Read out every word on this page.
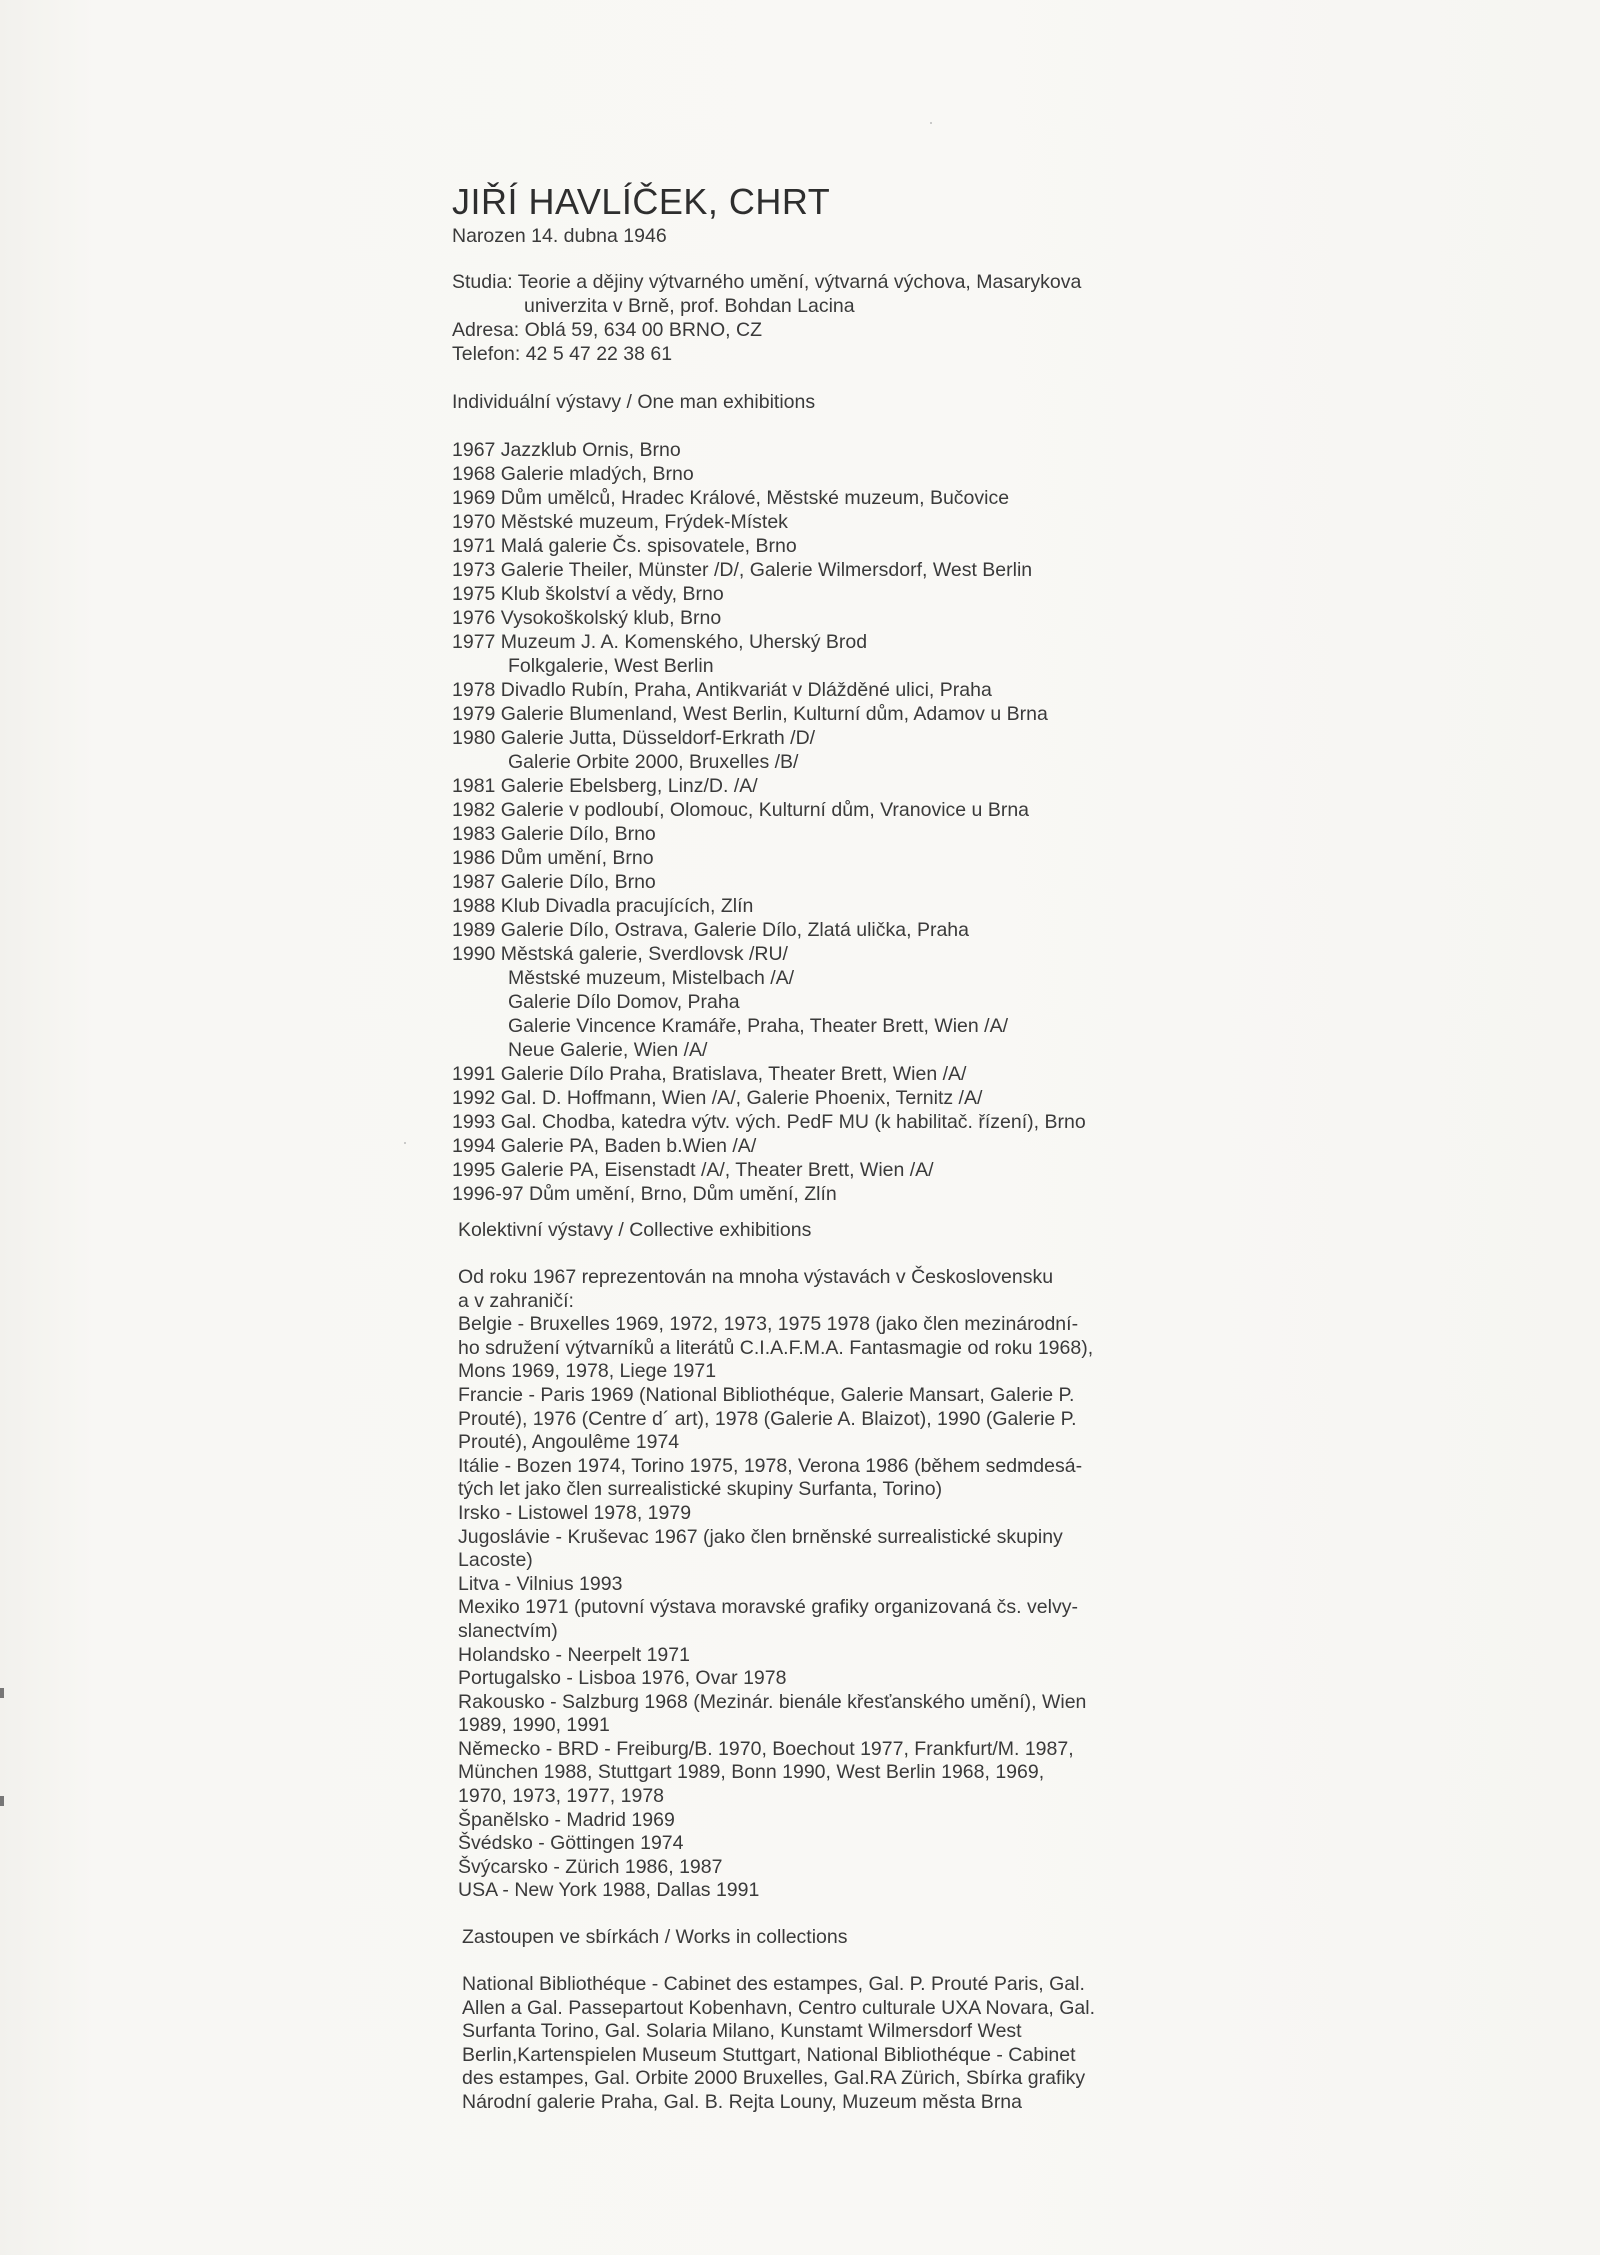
JIŘÍ HAVLÍČEK, CHRT
Narozen 14. dubna 1946
Studia: Teorie a dějiny výtvarného umění, výtvarná výchova, Masarykova
univerzita v Brně, prof. Bohdan Lacina
Adresa: Oblá 59, 634 00 BRNO, CZ
Telefon: 42 5 47 22 38 61
Individuální výstavy / One man exhibitions
1967 Jazzklub Ornis, Brno
1968 Galerie mladých, Brno
1969 Dům umělců, Hradec Králové, Městské muzeum, Bučovice
1970 Městské muzeum, Frýdek-Místek
1971 Malá galerie Čs. spisovatele, Brno
1973 Galerie Theiler, Münster /D/, Galerie Wilmersdorf, West Berlin
1975 Klub školství a vědy, Brno
1976 Vysokoškolský klub, Brno
1977 Muzeum J. A. Komenského, Uherský Brod
Folkgalerie, West Berlin
1978 Divadlo Rubín, Praha, Antikvariát v Dlážděné ulici, Praha
1979 Galerie Blumenland, West Berlin, Kulturní dům, Adamov u Brna
1980 Galerie Jutta, Düsseldorf-Erkrath /D/
Galerie Orbite 2000, Bruxelles /B/
1981 Galerie Ebelsberg, Linz/D. /A/
1982 Galerie v podloubí, Olomouc, Kulturní dům, Vranovice u Brna
1983 Galerie Dílo, Brno
1986 Dům umění, Brno
1987 Galerie Dílo, Brno
1988 Klub Divadla pracujících, Zlín
1989 Galerie Dílo, Ostrava, Galerie Dílo, Zlatá ulička, Praha
1990 Městská galerie, Sverdlovsk /RU/
Městské muzeum, Mistelbach /A/
Galerie Dílo Domov, Praha
Galerie Vincence Kramáře, Praha, Theater Brett, Wien /A/
Neue Galerie, Wien /A/
1991 Galerie Dílo Praha, Bratislava, Theater Brett, Wien /A/
1992 Gal. D. Hoffmann, Wien /A/, Galerie Phoenix, Ternitz /A/
1993 Gal. Chodba, katedra výtv. vých. PedF MU (k habilitač. řízení), Brno
1994 Galerie PA, Baden b.Wien /A/
1995 Galerie PA, Eisenstadt /A/, Theater Brett, Wien /A/
1996-97 Dům umění, Brno, Dům umění, Zlín
Kolektivní výstavy / Collective exhibitions
Od roku 1967 reprezentován na mnoha výstavách v Československu
a v zahraničí:
Belgie - Bruxelles 1969, 1972, 1973, 1975 1978 (jako člen mezinárodní-
ho sdružení výtvarníků a literátů C.I.A.F.M.A. Fantasmagie od roku 1968),
Mons 1969, 1978, Liege 1971
Francie - Paris 1969 (National Bibliothéque, Galerie Mansart, Galerie P.
Prouté), 1976 (Centre d´ art), 1978 (Galerie A. Blaizot), 1990 (Galerie P.
Prouté), Angoulême 1974
Itálie - Bozen 1974, Torino 1975, 1978, Verona 1986 (během sedmdesá-
tých let jako člen surrealistické skupiny Surfanta, Torino)
Irsko - Listowel 1978, 1979
Jugoslávie - Kruševac 1967 (jako člen brněnské surrealistické skupiny
Lacoste)
Litva - Vilnius 1993
Mexiko 1971 (putovní výstava moravské grafiky organizovaná čs. velvy-
slanectvím)
Holandsko - Neerpelt 1971
Portugalsko - Lisboa 1976, Ovar 1978
Rakousko - Salzburg 1968 (Mezinár. bienále křesťanského umění), Wien
1989, 1990, 1991
Německo - BRD - Freiburg/B. 1970, Boechout 1977, Frankfurt/M. 1987,
München 1988, Stuttgart 1989, Bonn 1990, West Berlin 1968, 1969,
1970, 1973, 1977, 1978
Španělsko - Madrid 1969
Švédsko - Göttingen 1974
Švýcarsko - Zürich 1986, 1987
USA - New York 1988, Dallas 1991
Zastoupen ve sbírkách / Works in collections
National Bibliothéque - Cabinet des estampes, Gal. P. Prouté Paris, Gal.
Allen a Gal. Passepartout Kobenhavn, Centro culturale UXA Novara, Gal.
Surfanta Torino, Gal. Solaria Milano, Kunstamt Wilmersdorf West
Berlin,Kartenspielen Museum Stuttgart, National Bibliothéque - Cabinet
des estampes, Gal. Orbite 2000 Bruxelles, Gal.RA Zürich, Sbírka grafiky
Národní galerie Praha, Gal. B. Rejta Louny, Muzeum města Brna
